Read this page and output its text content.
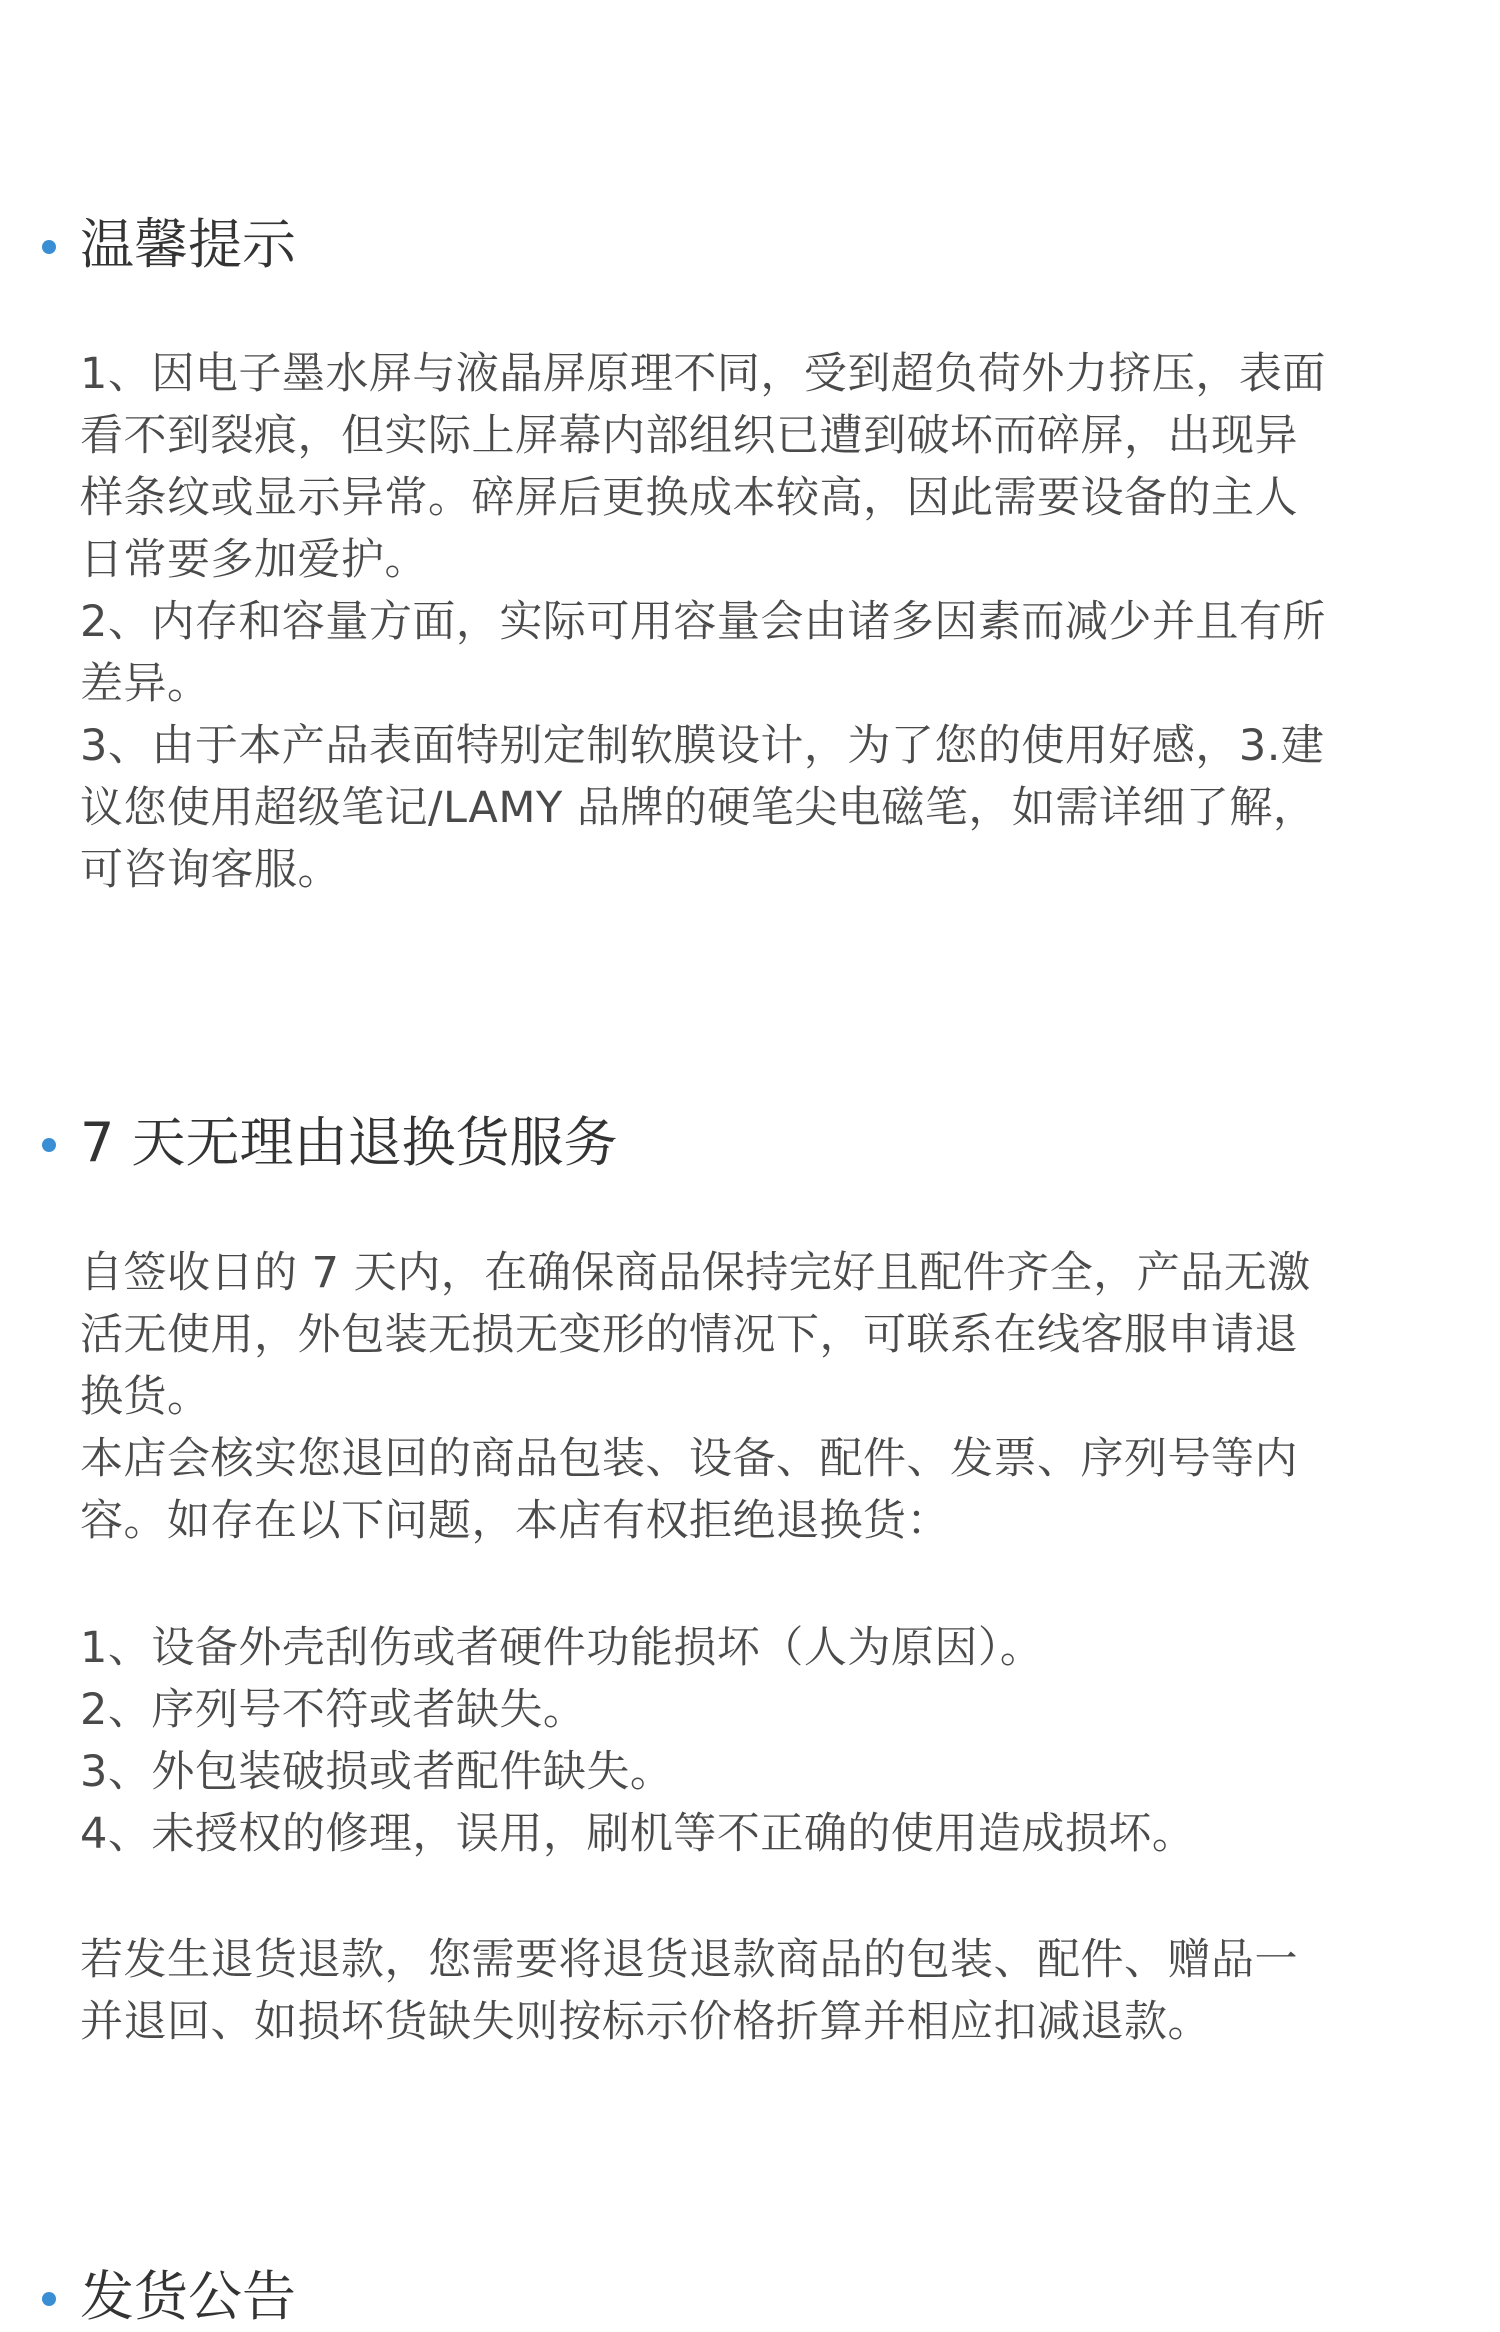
温馨提示

1、因电子墨水屏与液晶屏原理不同，受到超负荷外力挤压，表面
看不到裂痕，但实际上屏幕内部组织已遭到破坏而碎屏，出现异
样条纹或显示异常。碎屏后更换成本较高，因此需要设备的主人
日常要多加爱护。
2、内存和容量方面，实际可用容量会由诸多因素而减少并且有所
差异。
3、由于本产品表面特别定制软膜设计，为了您的使用好感，3.建
议您使用超级笔记/LAMY 品牌的硬笔尖电磁笔，如需详细了解，
可咨询客服。

7 天无理由退换货服务

自签收日的 7 天内，在确保商品保持完好且配件齐全，产品无激
活无使用，外包装无损无变形的情况下，可联系在线客服申请退
换货。
本店会核实您退回的商品包装、设备、配件、发票、序列号等内
容。如存在以下问题，本店有权拒绝退换货：

1、设备外壳刮伤或者硬件功能损坏（人为原因）。
2、序列号不符或者缺失。
3、外包装破损或者配件缺失。
4、未授权的修理，误用，刷机等不正确的使用造成损坏。

若发生退货退款，您需要将退货退款商品的包装、配件、赠品一
并退回、如损坏货缺失则按标示价格折算并相应扣减退款。

发货公告
